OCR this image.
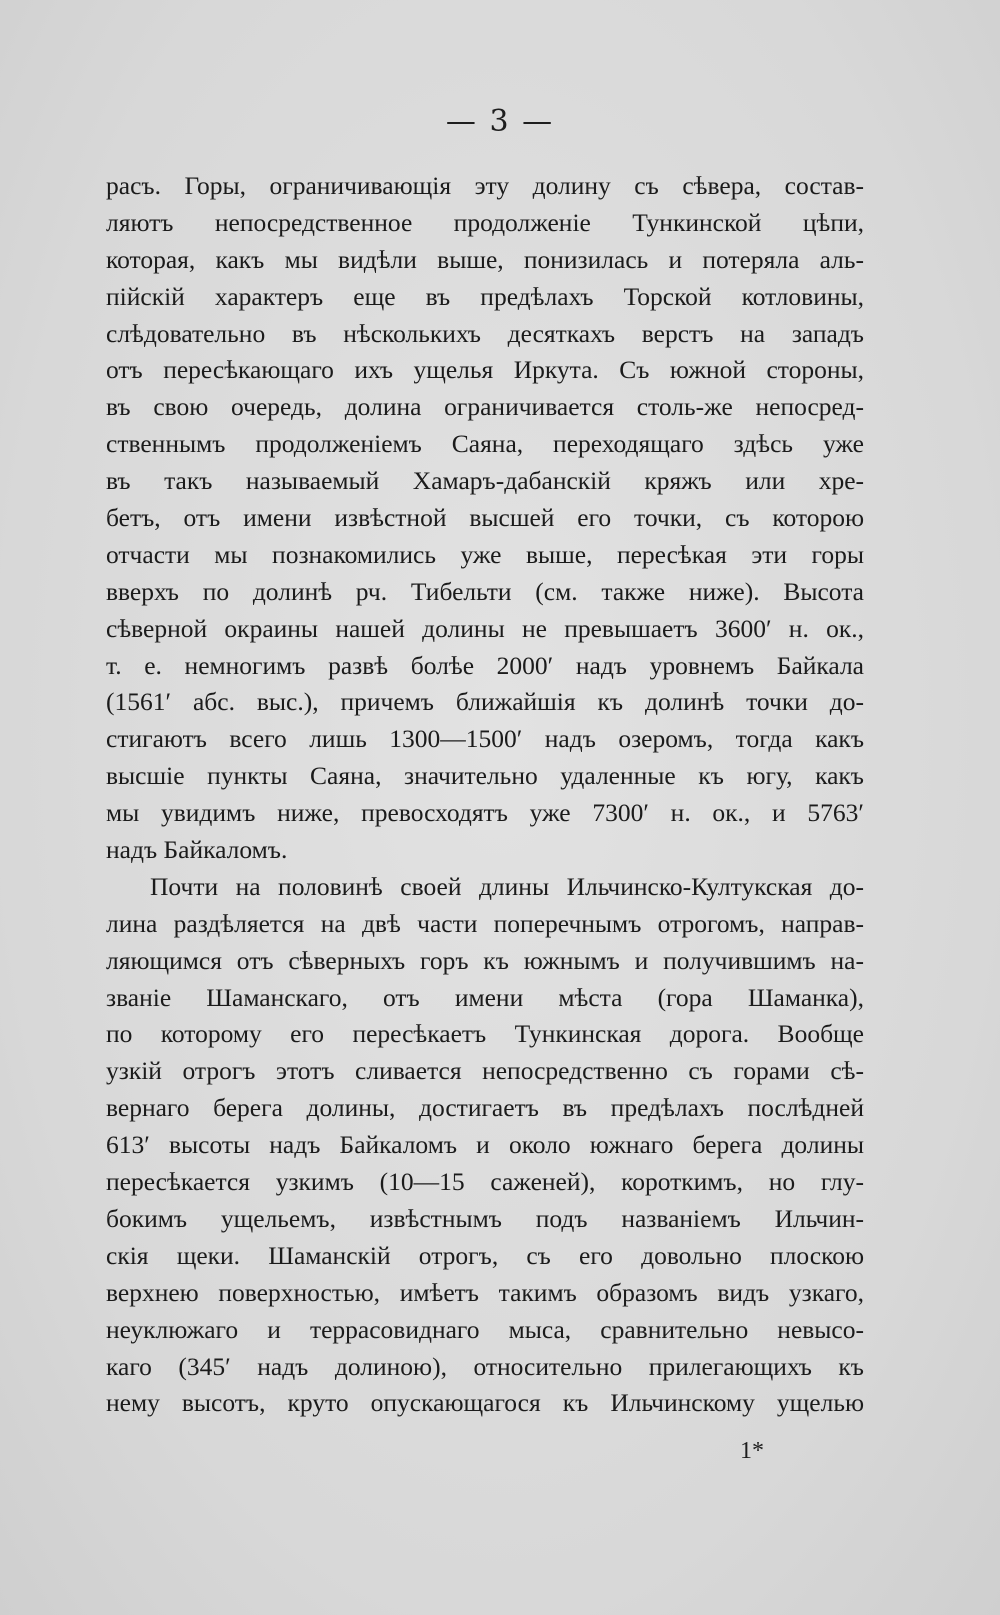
— 3 —
расъ. Горы, ограничивающія эту долину съ сѣвера, состав-
ляютъ непосредственное продолженіе Тункинской цѣпи,
которая, какъ мы видѣли выше, понизилась и потеряла аль-
пійскій характеръ еще въ предѣлахъ Торской котловины,
слѣдовательно въ нѣсколькихъ десяткахъ верстъ на западъ
отъ пересѣкающаго ихъ ущелья Иркута. Съ южной стороны,
въ свою очередь, долина ограничивается столь-же непосред-
ственнымъ продолженіемъ Саяна, переходящаго здѣсь уже
въ такъ называемый Хамаръ-дабанскій кряжъ или хре-
бетъ, отъ имени извѣстной высшей его точки, съ которою
отчасти мы познакомились уже выше, пересѣкая эти горы
вверхъ по долинѣ рч. Тибельти (см. также ниже). Высота
сѣверной окраины нашей долины не превышаетъ 3600′ н. ок.,
т. е. немногимъ развѣ болѣе 2000′ надъ уровнемъ Байкала
(1561′ абс. выс.), причемъ ближайшія къ долинѣ точки до-
стигаютъ всего лишь 1300—1500′ надъ озеромъ, тогда какъ
высшіе пункты Саяна, значительно удаленные къ югу, какъ
мы увидимъ ниже, превосходятъ уже 7300′ н. ок., и 5763′
надъ Байкаломъ.
Почти на половинѣ своей длины Ильчинско-Култукская до-
лина раздѣляется на двѣ части поперечнымъ отрогомъ, направ-
ляющимся отъ сѣверныхъ горъ къ южнымъ и получившимъ на-
званіе Шаманскаго, отъ имени мѣста (гора Шаманка),
по которому его пересѣкаетъ Тункинская дорога. Вообще
узкій отрогъ этотъ сливается непосредственно съ горами сѣ-
вернаго берега долины, достигаетъ въ предѣлахъ послѣдней
613′ высоты надъ Байкаломъ и около южнаго берега долины
пересѣкается узкимъ (10—15 саженей), короткимъ, но глу-
бокимъ ущельемъ, извѣстнымъ подъ названіемъ Ильчин-
скія щеки. Шаманскій отрогъ, съ его довольно плоскою
верхнею поверхностью, имѣетъ такимъ образомъ видъ узкаго,
неуклюжаго и террасовиднаго мыса, сравнительно невысо-
каго (345′ надъ долиною), относительно прилегающихъ къ
нему высотъ, круто опускающагося къ Ильчинскому ущелью
1*
